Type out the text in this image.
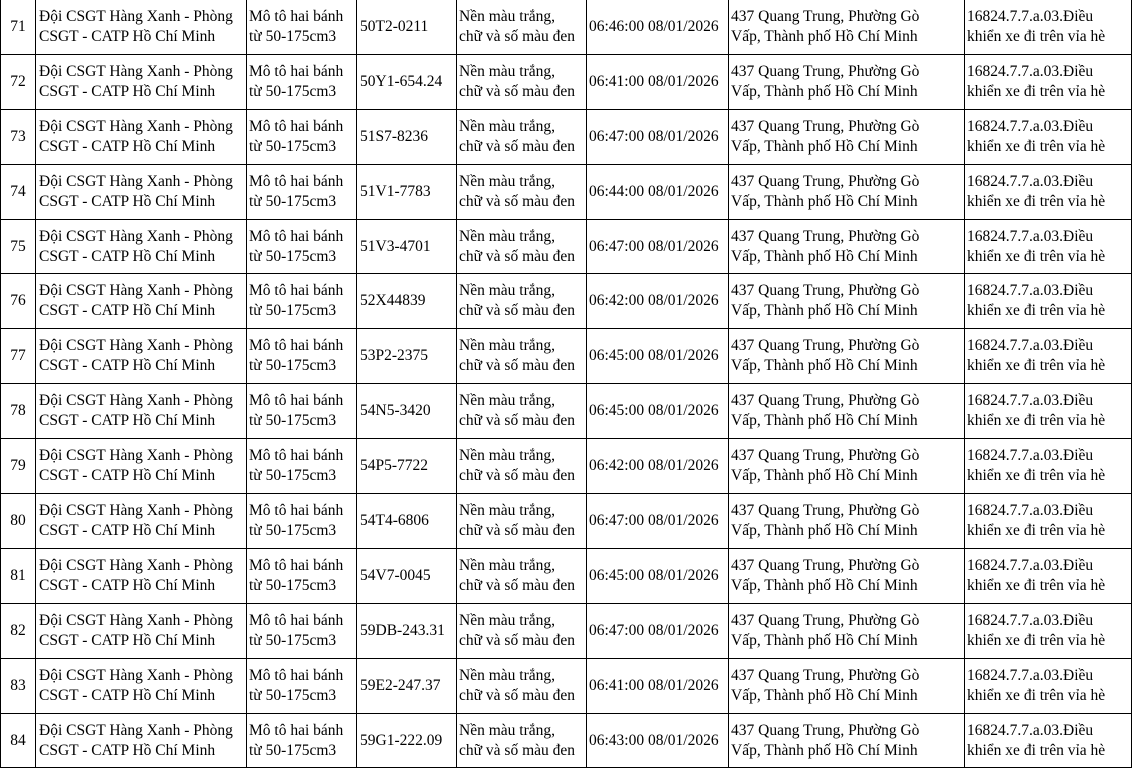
71	Đội CSGT Hàng Xanh - Phòng
CSGT - CATP Hồ Chí Minh	Mô tô hai bánh
từ 50-175cm3	50T2-0211	Nền màu trắng,
chữ và số màu đen	06:46:00 08/01/2026	437 Quang Trung, Phường Gò
Vấp, Thành phố Hồ Chí Minh	16824.7.7.a.03.Điều
khiển xe đi trên vỉa hè

72	Đội CSGT Hàng Xanh - Phòng
CSGT - CATP Hồ Chí Minh	Mô tô hai bánh
từ 50-175cm3	50Y1-654.24	Nền màu trắng,
chữ và số màu đen	06:41:00 08/01/2026	437 Quang Trung, Phường Gò
Vấp, Thành phố Hồ Chí Minh	16824.7.7.a.03.Điều
khiển xe đi trên vỉa hè

73	Đội CSGT Hàng Xanh - Phòng
CSGT - CATP Hồ Chí Minh	Mô tô hai bánh
từ 50-175cm3	51S7-8236	Nền màu trắng,
chữ và số màu đen	06:47:00 08/01/2026	437 Quang Trung, Phường Gò
Vấp, Thành phố Hồ Chí Minh	16824.7.7.a.03.Điều
khiển xe đi trên vỉa hè

74	Đội CSGT Hàng Xanh - Phòng
CSGT - CATP Hồ Chí Minh	Mô tô hai bánh
từ 50-175cm3	51V1-7783	Nền màu trắng,
chữ và số màu đen	06:44:00 08/01/2026	437 Quang Trung, Phường Gò
Vấp, Thành phố Hồ Chí Minh	16824.7.7.a.03.Điều
khiển xe đi trên vỉa hè

75	Đội CSGT Hàng Xanh - Phòng
CSGT - CATP Hồ Chí Minh	Mô tô hai bánh
từ 50-175cm3	51V3-4701	Nền màu trắng,
chữ và số màu đen	06:47:00 08/01/2026	437 Quang Trung, Phường Gò
Vấp, Thành phố Hồ Chí Minh	16824.7.7.a.03.Điều
khiển xe đi trên vỉa hè

76	Đội CSGT Hàng Xanh - Phòng
CSGT - CATP Hồ Chí Minh	Mô tô hai bánh
từ 50-175cm3	52X44839	Nền màu trắng,
chữ và số màu đen	06:42:00 08/01/2026	437 Quang Trung, Phường Gò
Vấp, Thành phố Hồ Chí Minh	16824.7.7.a.03.Điều
khiển xe đi trên vỉa hè

77	Đội CSGT Hàng Xanh - Phòng
CSGT - CATP Hồ Chí Minh	Mô tô hai bánh
từ 50-175cm3	53P2-2375	Nền màu trắng,
chữ và số màu đen	06:45:00 08/01/2026	437 Quang Trung, Phường Gò
Vấp, Thành phố Hồ Chí Minh	16824.7.7.a.03.Điều
khiển xe đi trên vỉa hè

78	Đội CSGT Hàng Xanh - Phòng
CSGT - CATP Hồ Chí Minh	Mô tô hai bánh
từ 50-175cm3	54N5-3420	Nền màu trắng,
chữ và số màu đen	06:45:00 08/01/2026	437 Quang Trung, Phường Gò
Vấp, Thành phố Hồ Chí Minh	16824.7.7.a.03.Điều
khiển xe đi trên vỉa hè

79	Đội CSGT Hàng Xanh - Phòng
CSGT - CATP Hồ Chí Minh	Mô tô hai bánh
từ 50-175cm3	54P5-7722	Nền màu trắng,
chữ và số màu đen	06:42:00 08/01/2026	437 Quang Trung, Phường Gò
Vấp, Thành phố Hồ Chí Minh	16824.7.7.a.03.Điều
khiển xe đi trên vỉa hè

80	Đội CSGT Hàng Xanh - Phòng
CSGT - CATP Hồ Chí Minh	Mô tô hai bánh
từ 50-175cm3	54T4-6806	Nền màu trắng,
chữ và số màu đen	06:47:00 08/01/2026	437 Quang Trung, Phường Gò
Vấp, Thành phố Hồ Chí Minh	16824.7.7.a.03.Điều
khiển xe đi trên vỉa hè

81	Đội CSGT Hàng Xanh - Phòng
CSGT - CATP Hồ Chí Minh	Mô tô hai bánh
từ 50-175cm3	54V7-0045	Nền màu trắng,
chữ và số màu đen	06:45:00 08/01/2026	437 Quang Trung, Phường Gò
Vấp, Thành phố Hồ Chí Minh	16824.7.7.a.03.Điều
khiển xe đi trên vỉa hè

82	Đội CSGT Hàng Xanh - Phòng
CSGT - CATP Hồ Chí Minh	Mô tô hai bánh
từ 50-175cm3	59DB-243.31	Nền màu trắng,
chữ và số màu đen	06:47:00 08/01/2026	437 Quang Trung, Phường Gò
Vấp, Thành phố Hồ Chí Minh	16824.7.7.a.03.Điều
khiển xe đi trên vỉa hè

83	Đội CSGT Hàng Xanh - Phòng
CSGT - CATP Hồ Chí Minh	Mô tô hai bánh
từ 50-175cm3	59E2-247.37	Nền màu trắng,
chữ và số màu đen	06:41:00 08/01/2026	437 Quang Trung, Phường Gò
Vấp, Thành phố Hồ Chí Minh	16824.7.7.a.03.Điều
khiển xe đi trên vỉa hè

84	Đội CSGT Hàng Xanh - Phòng
CSGT - CATP Hồ Chí Minh	Mô tô hai bánh
từ 50-175cm3	59G1-222.09	Nền màu trắng,
chữ và số màu đen	06:43:00 08/01/2026	437 Quang Trung, Phường Gò
Vấp, Thành phố Hồ Chí Minh	16824.7.7.a.03.Điều
khiển xe đi trên vỉa hè
